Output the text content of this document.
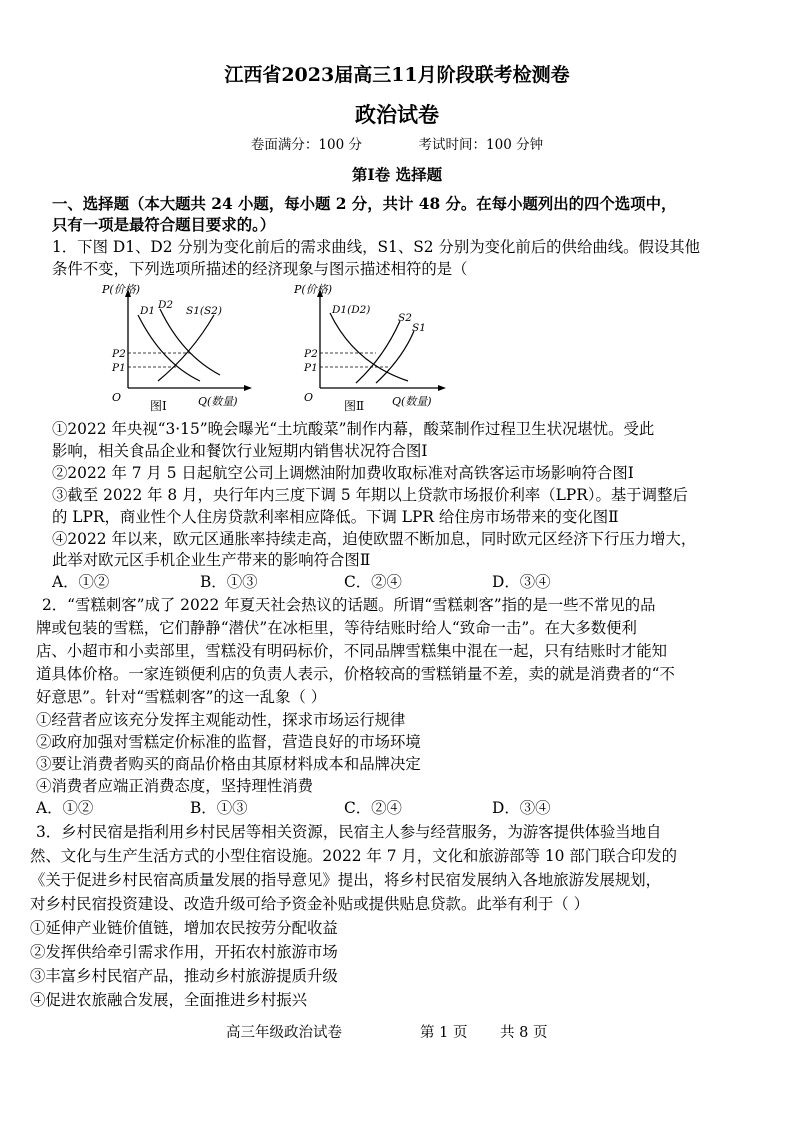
江西省2023届高三11月阶段联考检测卷
政治试卷
卷面满分：100 分	考试时间：100 分钟
第Ⅰ卷 选择题
一、选择题（本大题共 24 小题，每小题 2 分，共计 48 分。在每小题列出的四个选项中，
只有一项是最符合题目要求的。）
1．下图 D1、D2 分别为变化前后的需求曲线，S1、S2 分别为变化前后的供给曲线。假设其他
条件不变，下列选项所描述的经济现象与图示描述相符的是（
P(价格)
O
D1 D2 S1(S2)
P2
P1
图Ⅰ	Q(数量)
P(价格)
O
D1(D2)
S2
S1
P2
P1
图Ⅱ	Q(数量)
①2022 年央视“3·15”晚会曝光“土坑酸菜”制作内幕，酸菜制作过程卫生状况堪忧。受此
影响，相关食品企业和餐饮行业短期内销售状况符合图Ⅰ
②2022 年 7 月 5 日起航空公司上调燃油附加费收取标准对高铁客运市场影响符合图Ⅰ
③截至 2022 年 8 月，央行年内三度下调 5 年期以上贷款市场报价利率（LPR）。基于调整后
的 LPR，商业性个人住房贷款利率相应降低。下调 LPR 给住房市场带来的变化图Ⅱ
④2022 年以来，欧元区通胀率持续走高，迫使欧盟不断加息，同时欧元区经济下行压力增大，
此举对欧元区手机企业生产带来的影响符合图Ⅱ
A．①②	B．①③	C．②④	D．③④
2．“雪糕刺客”成了 2022 年夏天社会热议的话题。所谓“雪糕刺客”指的是一些不常见的品
牌或包装的雪糕，它们静静“潜伏”在冰柜里，等待结账时给人“致命一击”。在大多数便利
店、小超市和小卖部里，雪糕没有明码标价，不同品牌雪糕集中混在一起，只有结账时才能知
道具体价格。一家连锁便利店的负责人表示，价格较高的雪糕销量不差，卖的就是消费者的“不
好意思”。针对“雪糕刺客”的这一乱象（ ）
①经营者应该充分发挥主观能动性，探求市场运行规律
②政府加强对雪糕定价标准的监督，营造良好的市场环境
③要让消费者购买的商品价格由其原材料成本和品牌决定
④消费者应端正消费态度，坚持理性消费
A．①②	B．①③	C．②④	D．③④
3．乡村民宿是指利用乡村民居等相关资源，民宿主人参与经营服务，为游客提供体验当地自
然、文化与生产生活方式的小型住宿设施。2022 年 7 月，文化和旅游部等 10 部门联合印发的
《关于促进乡村民宿高质量发展的指导意见》提出，将乡村民宿发展纳入各地旅游发展规划，
对乡村民宿投资建设、改造升级可给予资金补贴或提供贴息贷款。此举有利于（ ）
①延伸产业链价值链，增加农民按劳分配收益
②发挥供给牵引需求作用，开拓农村旅游市场
③丰富乡村民宿产品，推动乡村旅游提质升级
④促进农旅融合发展，全面推进乡村振兴
高三年级政治试卷	第 1 页 共 8 页
